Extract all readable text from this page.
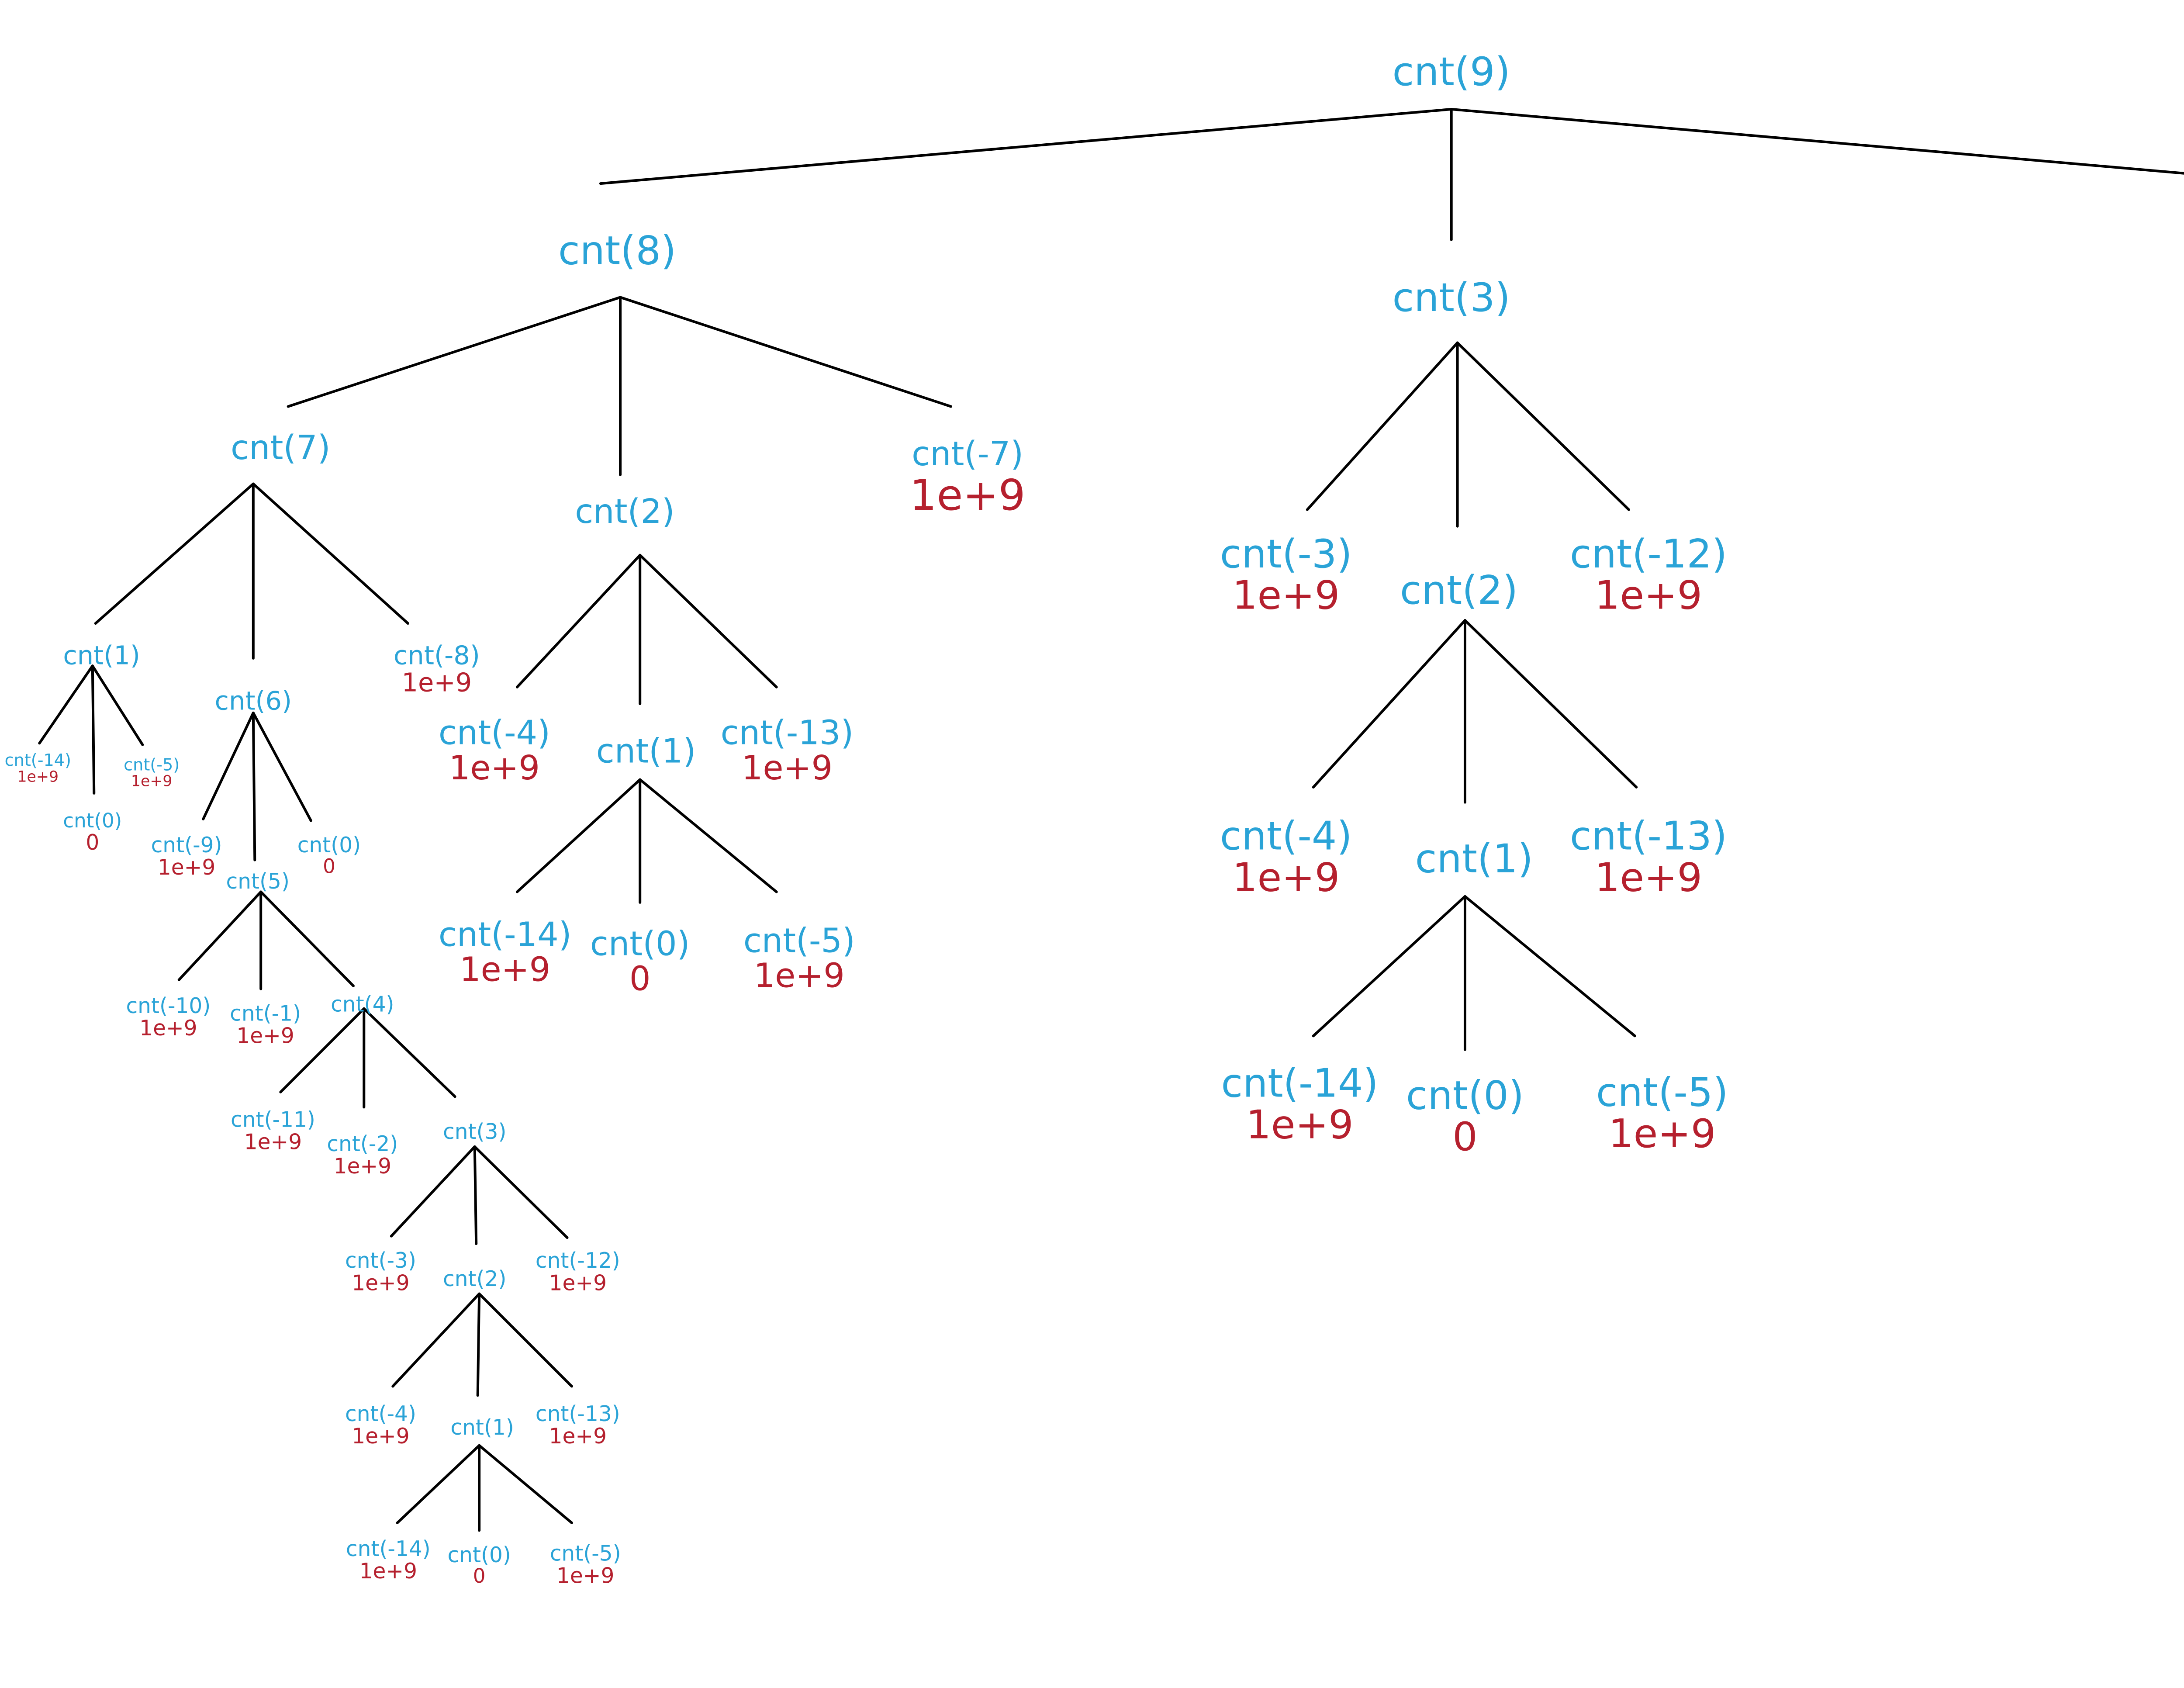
cnt(9)
cnt(8)
cnt(3)
cnt(7)
cnt(2)
cnt(-7)
1e+9
cnt(1)
cnt(6)
cnt(-8)
1e+9
cnt(-14)
1e+9
cnt(0)
0
cnt(-5)
1e+9
cnt(-9)
1e+9
cnt(5)
cnt(0)
0
cnt(-10)
1e+9
cnt(-1)
1e+9
cnt(4)
cnt(-11)
1e+9 cnt(-2)
1e+9
cnt(3)
cnt(-3)
1e+9 cnt(2)
cnt(-12)
1e+9
cnt(-4)
1e+9 cnt(1)
cnt(-13)
1e+9
cnt(-14)
1e+9
cnt(0)
0
cnt(-5)
1e+9
cnt(-4)
1e+9 cnt(1) cnt(-13)
1e+9
cnt(-14)
1e+9
cnt(0)
0
cnt(-5)
1e+9
cnt(-3)
1e+9 cnt(2)
cnt(-12)
1e+9
cnt(-4)
1e+9 cnt(1) cnt(-13)
1e+9
cnt(-14)
1e+9
cnt(0)
0
cnt(-5)
1e+9
